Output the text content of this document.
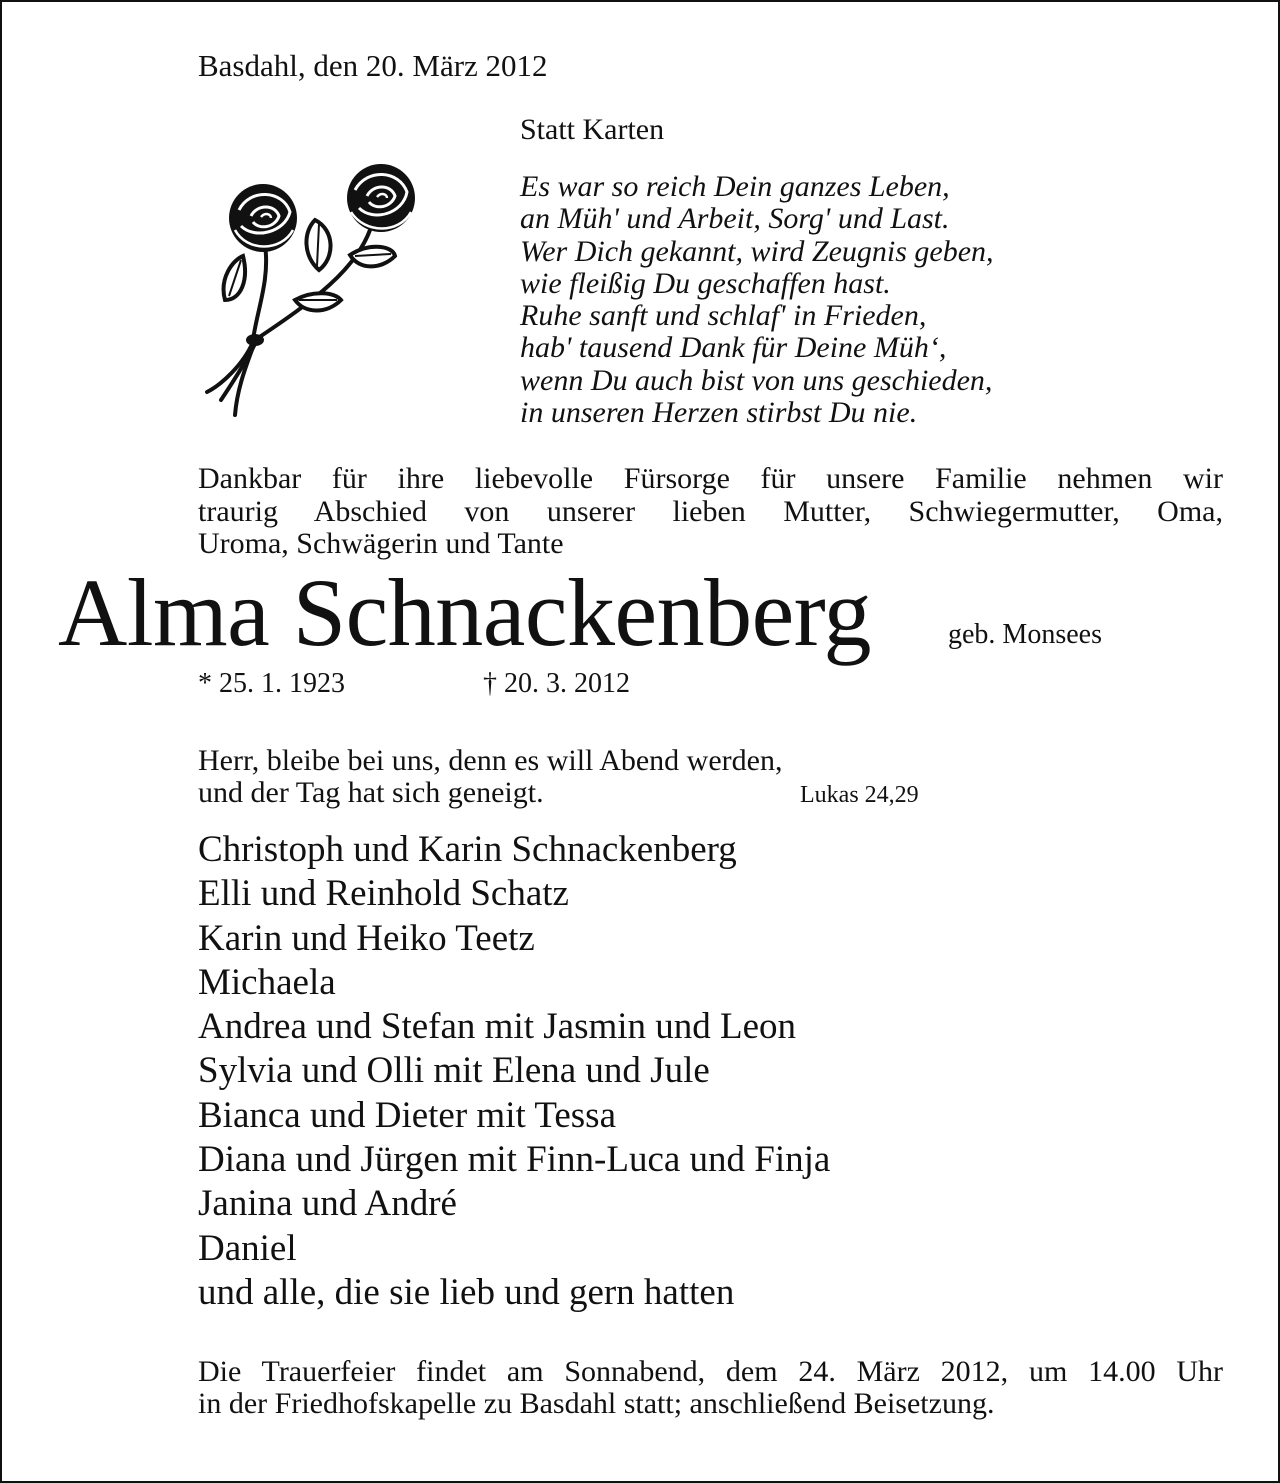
Basdahl, den 20. März 2012
Statt Karten
Es war so reich Dein ganzes Leben,
an Müh' und Arbeit, Sorg' und Last.
Wer Dich gekannt, wird Zeugnis geben,
wie fleißig Du geschaffen hast.
Ruhe sanft und schlaf' in Frieden,
hab' tausend Dank für Deine Müh‘,
wenn Du auch bist von uns geschieden,
in unseren Herzen stirbst Du nie.
Dankbar für ihre liebevolle Fürsorge für unsere Familie nehmen wir
traurig Abschied von unserer lieben Mutter, Schwiegermutter, Oma,
Uroma, Schwägerin und Tante
Alma Schnackenberg	geb. Monsees
* 25. 1. 1923	† 20. 3. 2012
Herr, bleibe bei uns, denn es will Abend werden,
und der Tag hat sich geneigt.	Lukas 24,29
Christoph und Karin Schnackenberg
Elli und Reinhold Schatz
Karin und Heiko Teetz
Michaela
Andrea und Stefan mit Jasmin und Leon
Sylvia und Olli mit Elena und Jule
Bianca und Dieter mit Tessa
Diana und Jürgen mit Finn-Luca und Finja
Janina und André
Daniel
und alle, die sie lieb und gern hatten
Die Trauerfeier findet am Sonnabend, dem 24. März 2012, um 14.00 Uhr
in der Friedhofskapelle zu Basdahl statt; anschließend Beisetzung.
